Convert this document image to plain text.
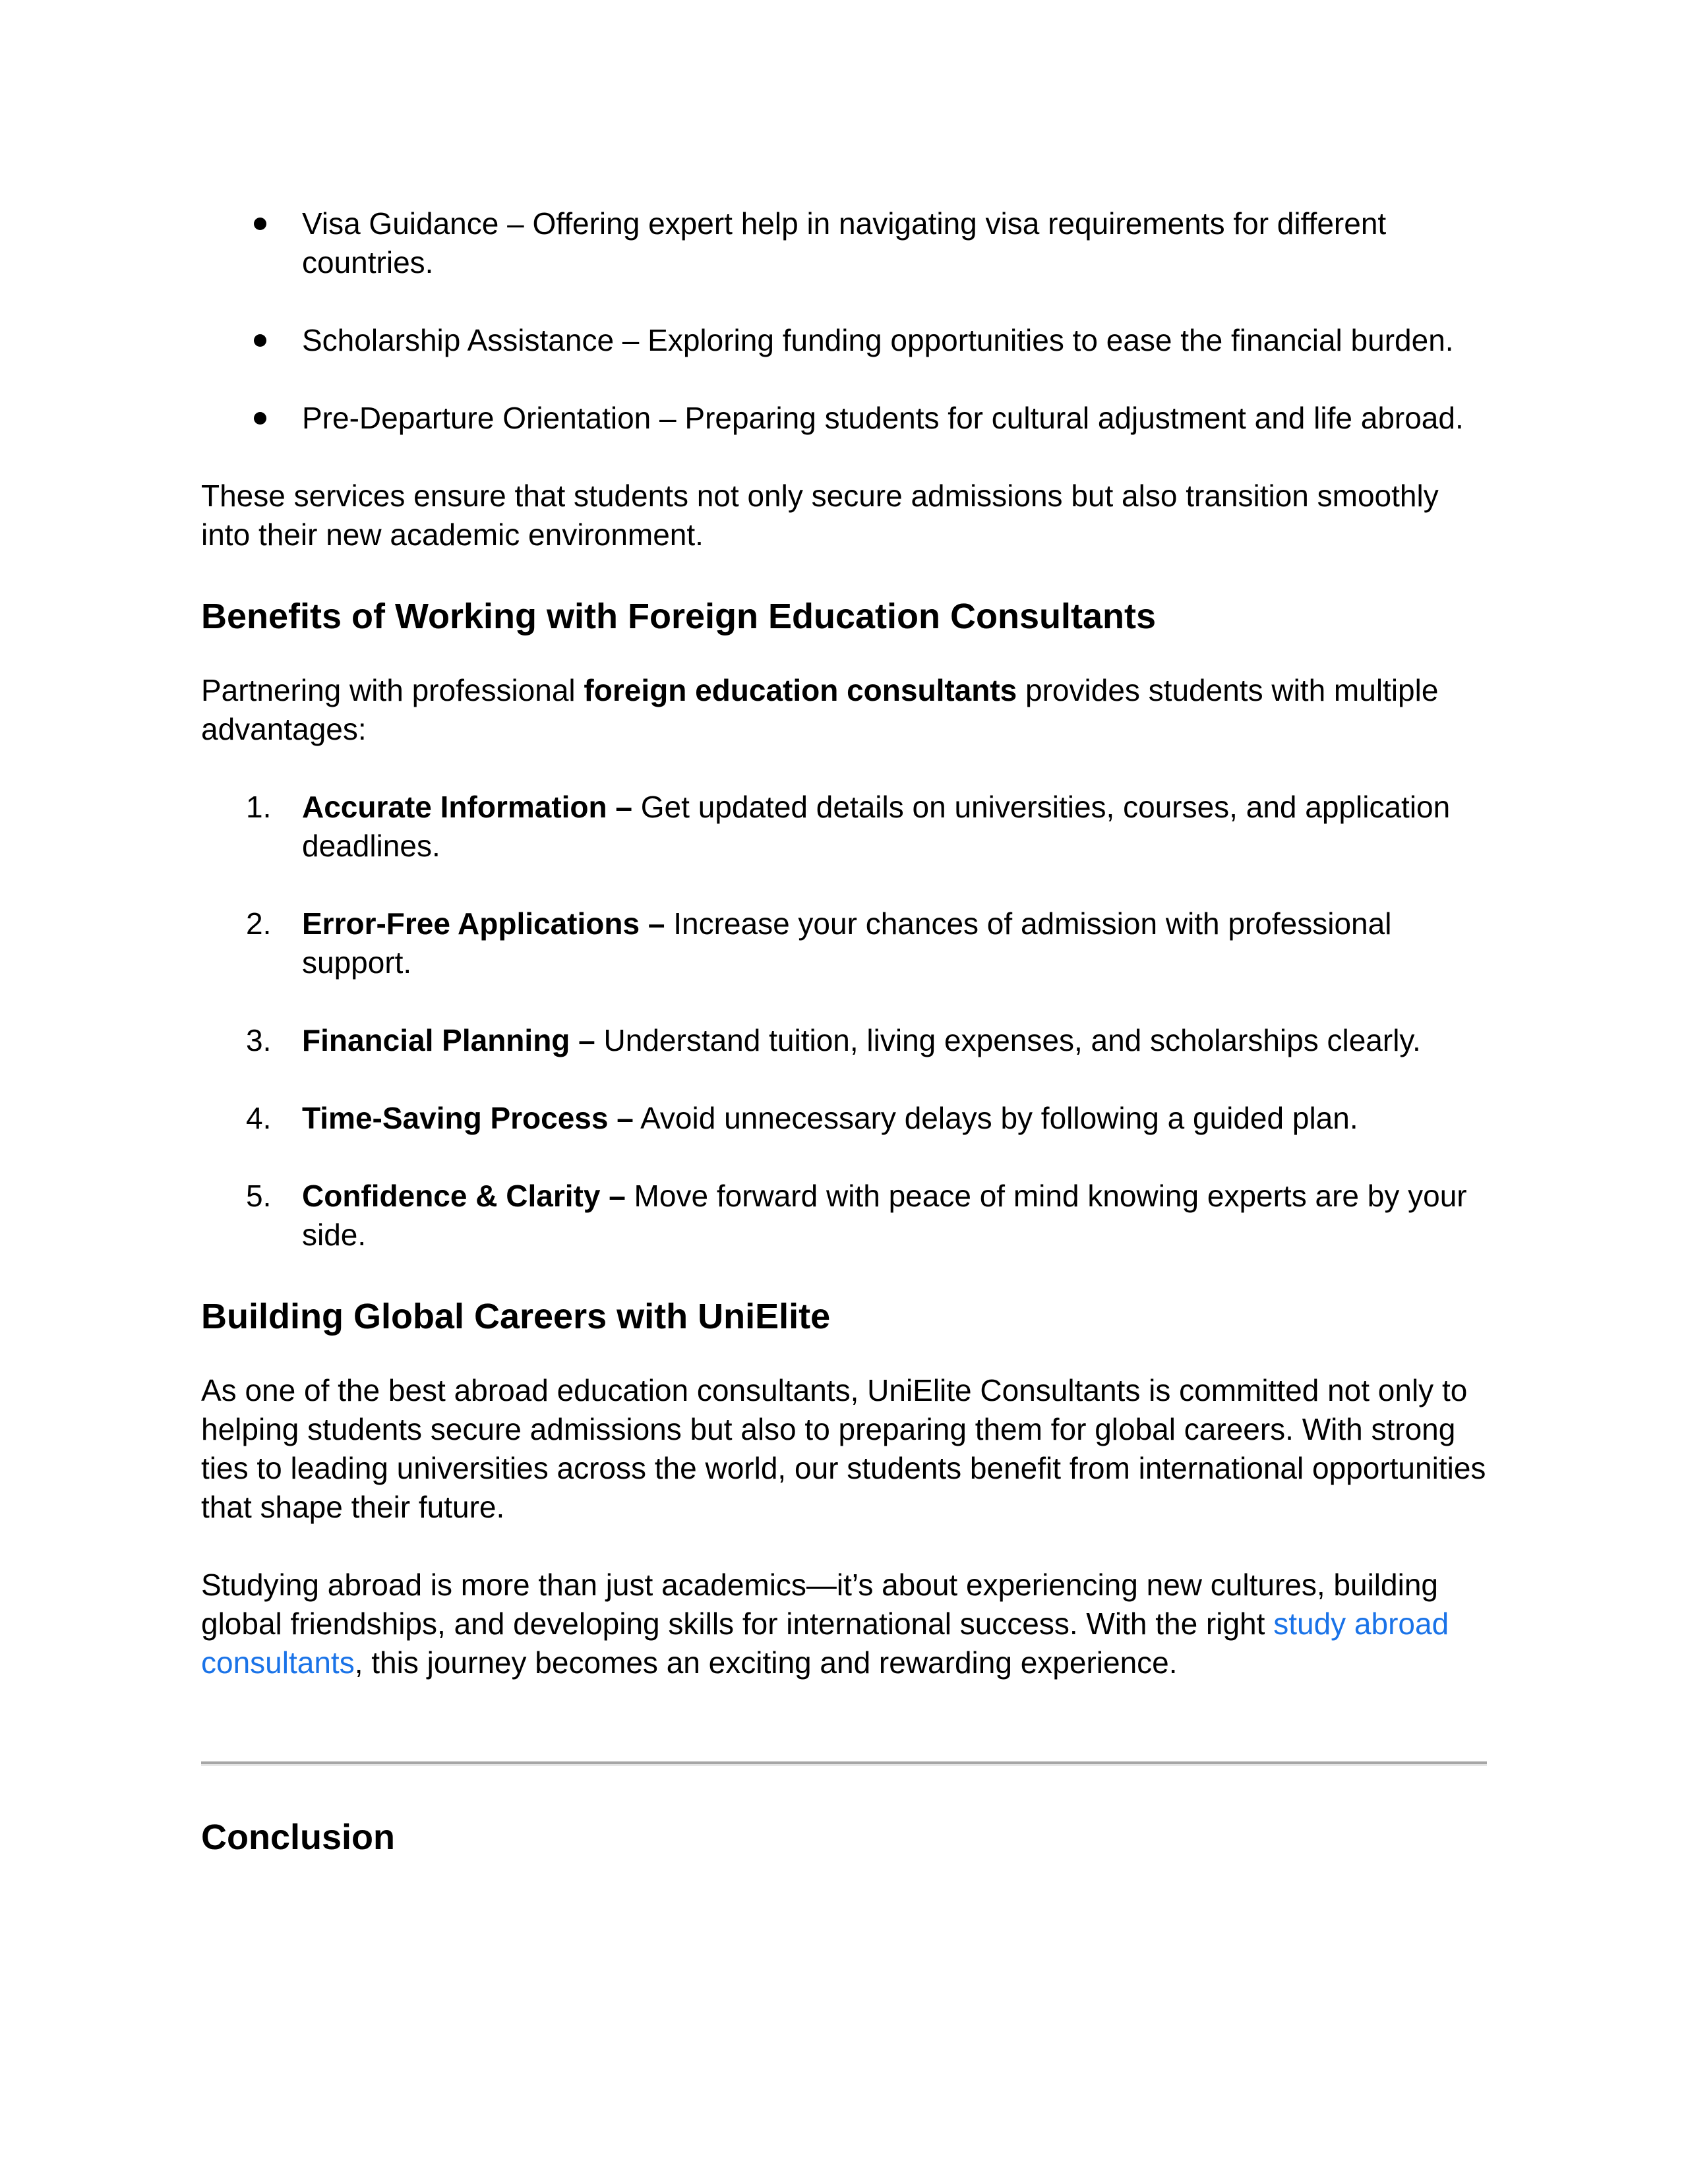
Visa Guidance – Offering expert help in navigating visa requirements for different countries.
Scholarship Assistance – Exploring funding opportunities to ease the financial burden.
Pre-Departure Orientation – Preparing students for cultural adjustment and life abroad.

These services ensure that students not only secure admissions but also transition smoothly into their new academic environment.

Benefits of Working with Foreign Education Consultants

Partnering with professional foreign education consultants provides students with multiple advantages:

1. Accurate Information – Get updated details on universities, courses, and application deadlines.
2. Error-Free Applications – Increase your chances of admission with professional support.
3. Financial Planning – Understand tuition, living expenses, and scholarships clearly.
4. Time-Saving Process – Avoid unnecessary delays by following a guided plan.
5. Confidence & Clarity – Move forward with peace of mind knowing experts are by your side.
Building Global Careers with UniElite

As one of the best abroad education consultants, UniElite Consultants is committed not only to helping students secure admissions but also to preparing them for global careers. With strong ties to leading universities across the world, our students benefit from international opportunities that shape their future.

Studying abroad is more than just academics—it’s about experiencing new cultures, building global friendships, and developing skills for international success. With the right study abroad consultants, this journey becomes an exciting and rewarding experience.

Conclusion
